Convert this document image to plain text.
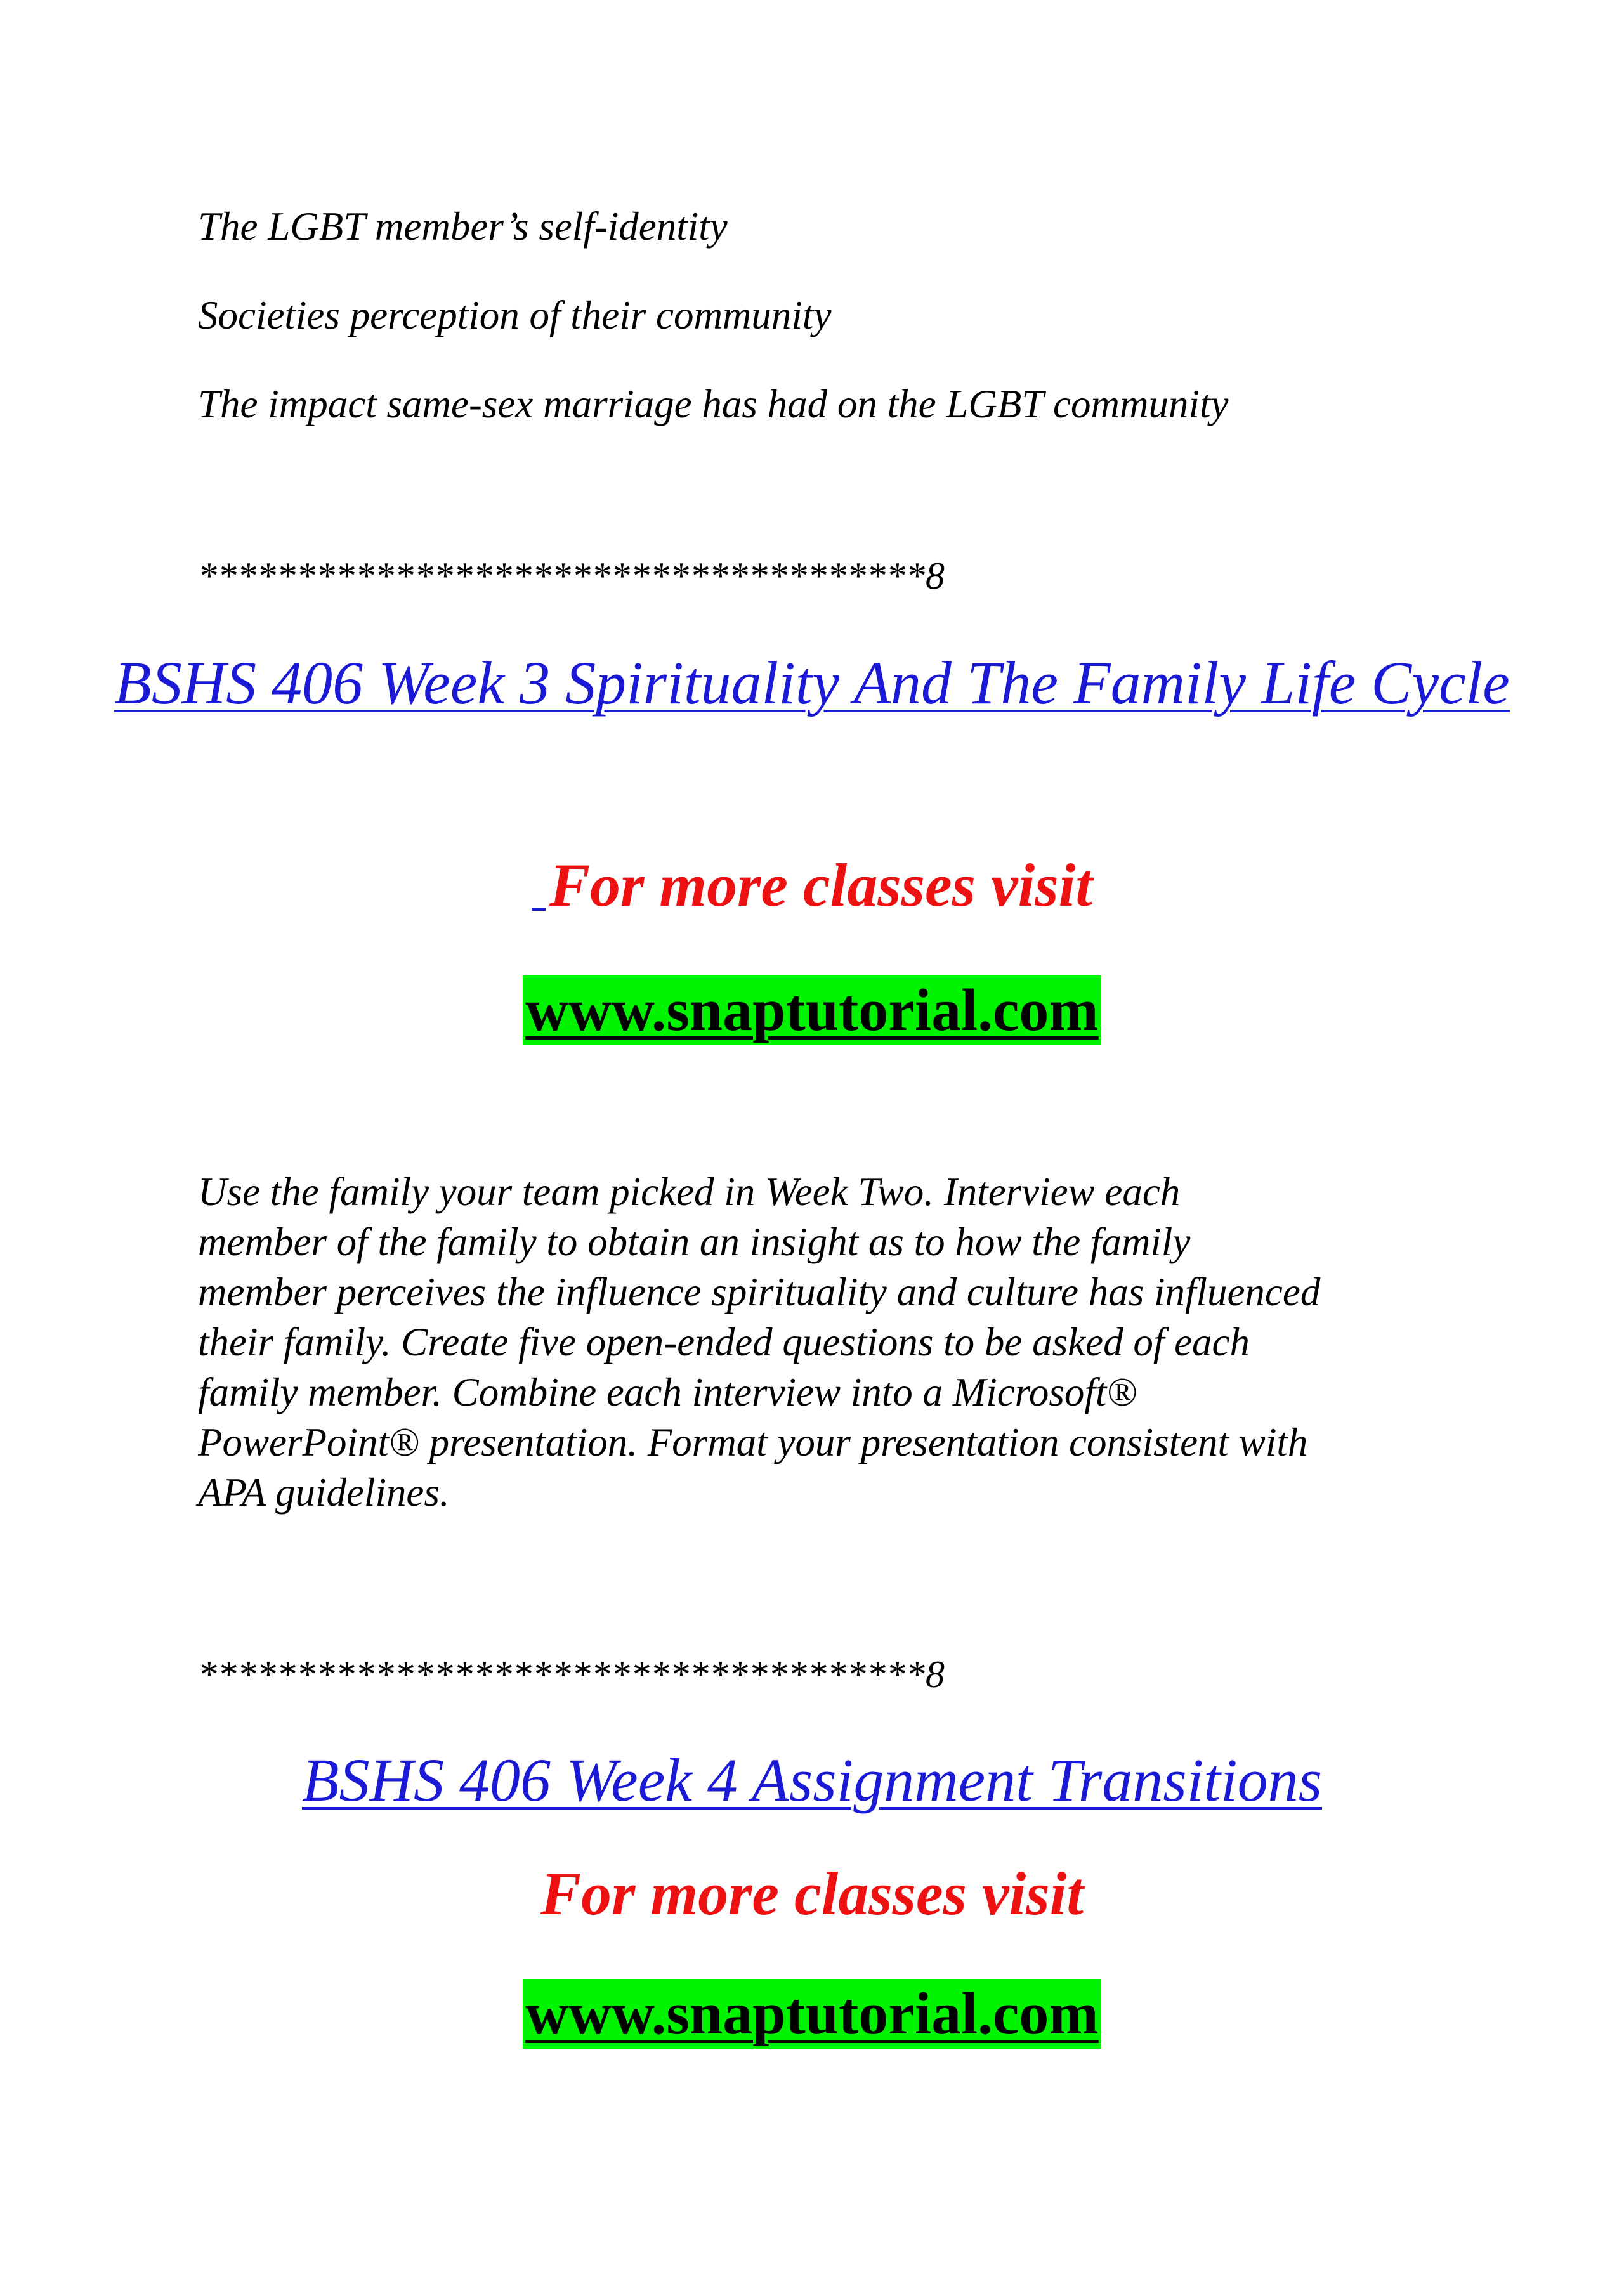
The LGBT member’s self-identity
Societies perception of their community
The impact same-sex marriage has had on the LGBT community
*************************************8
BSHS 406 Week 3 Spirituality And The Family Life Cycle
For more classes visit
www.snaptutorial.com
Use the family your team picked in Week Two. Interview each
member of the family to obtain an insight as to how the family
member perceives the influence spirituality and culture has influenced
their family. Create five open-ended questions to be asked of each
family member. Combine each interview into a Microsoft®
PowerPoint® presentation. Format your presentation consistent with
APA guidelines.
*************************************8
BSHS 406 Week 4 Assignment Transitions
For more classes visit
www.snaptutorial.com
